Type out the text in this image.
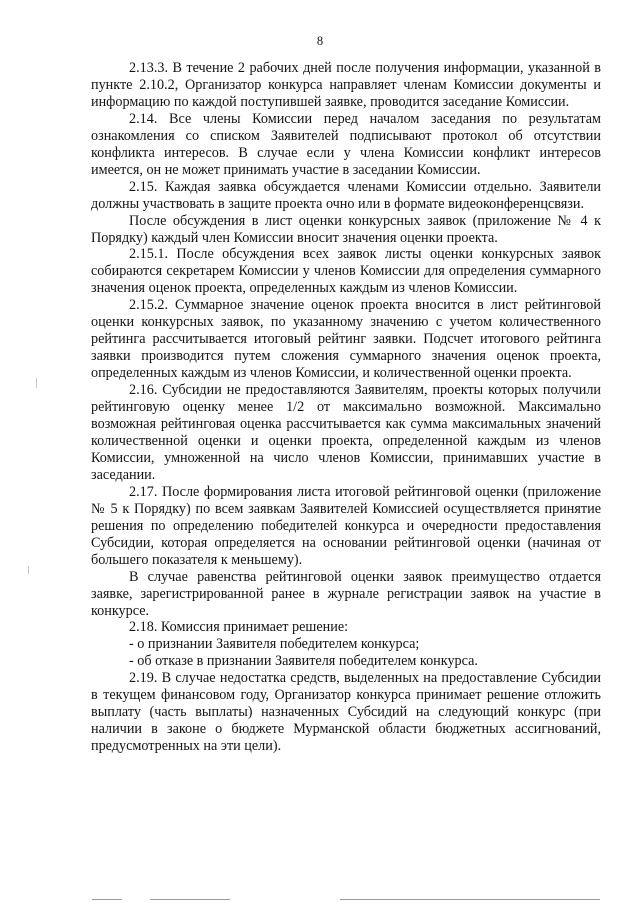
8

2.13.3. В течение 2 рабочих дней после получения информации, указанной в пункте 2.10.2, Организатор конкурса направляет членам Комиссии документы и информацию по каждой поступившей заявке, проводится заседание Комиссии.

2.14. Все члены Комиссии перед началом заседания по результатам ознакомления со списком Заявителей подписывают протокол об отсутствии конфликта интересов. В случае если у члена Комиссии конфликт интересов имеется, он не может принимать участие в заседании Комиссии.

2.15. Каждая заявка обсуждается членами Комиссии отдельно. Заявители должны участвовать в защите проекта очно или в формате видеоконференцсвязи.

После обсуждения в лист оценки конкурсных заявок (приложение № 4 к Порядку) каждый член Комиссии вносит значения оценки проекта.

2.15.1. После обсуждения всех заявок листы оценки конкурсных заявок собираются секретарем Комиссии у членов Комиссии для определения суммарного значения оценок проекта, определенных каждым из членов Комиссии.

2.15.2. Суммарное значение оценок проекта вносится в лист рейтинговой оценки конкурсных заявок, по указанному значению с учетом количественного рейтинга рассчитывается итоговый рейтинг заявки. Подсчет итогового рейтинга заявки производится путем сложения суммарного значения оценок проекта, определенных каждым из членов Комиссии, и количественной оценки проекта.

2.16. Субсидии не предоставляются Заявителям, проекты которых получили рейтинговую оценку менее 1/2 от максимально возможной. Максимально возможная рейтинговая оценка рассчитывается как сумма максимальных значений количественной оценки и оценки проекта, определенной каждым из членов Комиссии, умноженной на число членов Комиссии, принимавших участие в заседании.

2.17. После формирования листа итоговой рейтинговой оценки (приложение № 5 к Порядку) по всем заявкам Заявителей Комиссией осуществляется принятие решения по определению победителей конкурса и очередности предоставления Субсидии, которая определяется на основании рейтинговой оценки (начиная от большего показателя к меньшему).

В случае равенства рейтинговой оценки заявок преимущество отдается заявке, зарегистрированной ранее в журнале регистрации заявок на участие в конкурсе.

2.18. Комиссия принимает решение:

- о признании Заявителя победителем конкурса;

- об отказе в признании Заявителя победителем конкурса.

2.19. В случае недостатка средств, выделенных на предоставление Субсидии в текущем финансовом году, Организатор конкурса принимает решение отложить выплату (часть выплаты) назначенных Субсидий на следующий конкурс (при наличии в законе о бюджете Мурманской области бюджетных ассигнований, предусмотренных на эти цели).
